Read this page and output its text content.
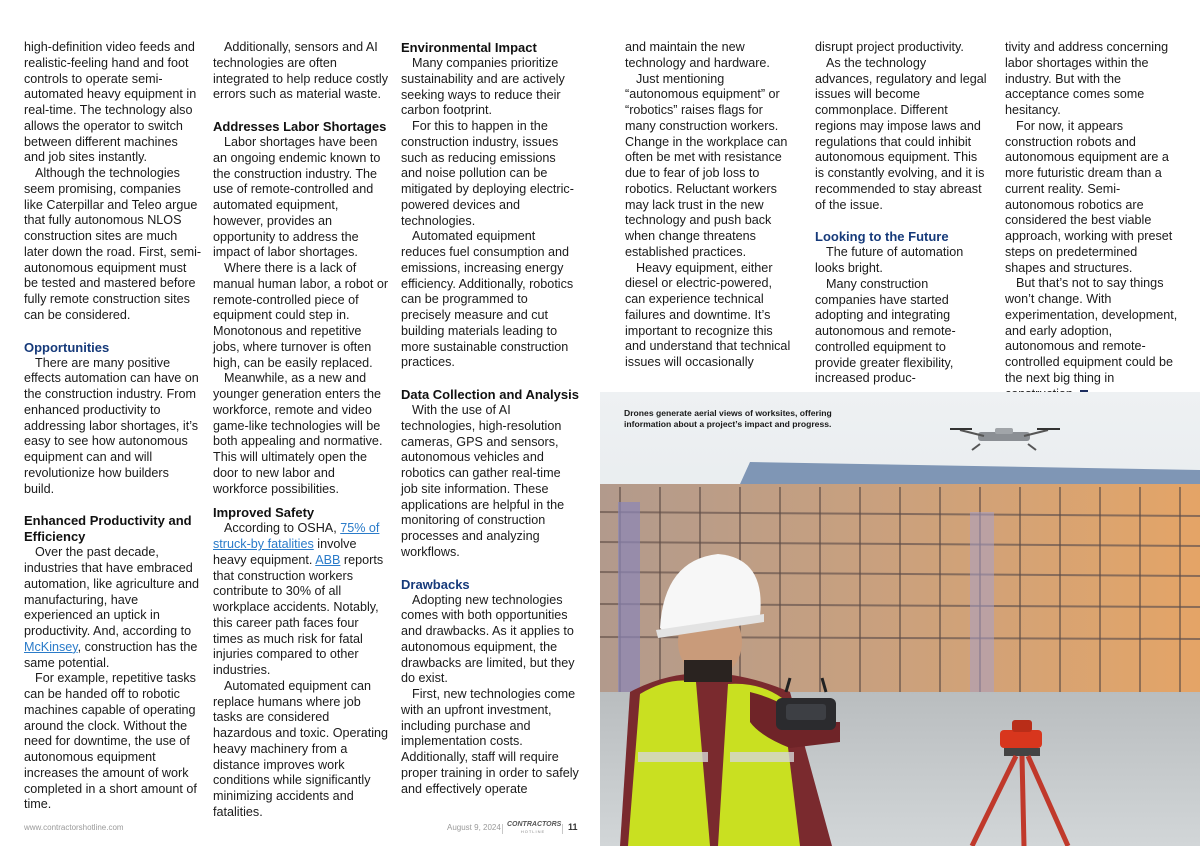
high-definition video feeds and realistic-feeling hand and foot controls to operate semi-automated heavy equipment in real-time. The technology also allows the operator to switch between different machines and job sites instantly.

Although the technologies seem promising, companies like Caterpillar and Teleo argue that fully autonomous NLOS construction sites are much later down the road. First, semi-autonomous equipment must be tested and mastered before fully remote construction sites can be considered.

Opportunities

There are many positive effects automation can have on the construction industry. From enhanced productivity to addressing labor shortages, it’s easy to see how autonomous equipment can and will revolutionize how builders build.

Enhanced Productivity and Efficiency

Over the past decade, industries that have embraced automation, like agriculture and manufacturing, have experienced an uptick in productivity. And, according to McKinsey, construction has the same potential.

For example, repetitive tasks can be handed off to robotic machines capable of operating around the clock. Without the need for downtime, the use of autonomous equipment increases the amount of work completed in a short amount of time.

Additionally, sensors and AI technologies are often integrated to help reduce costly errors such as material waste.

Addresses Labor Shortages

Labor shortages have been an ongoing endemic known to the construction industry. The use of remote-controlled and automated equipment, however, provides an opportunity to address the impact of labor shortages.

Where there is a lack of manual human labor, a robot or remote-controlled piece of equipment could step in. Monotonous and repetitive jobs, where turnover is often high, can be easily replaced.

Meanwhile, as a new and younger generation enters the workforce, remote and video game-like technologies will be both appealing and normative. This will ultimately open the door to new labor and workforce possibilities.

Improved Safety

According to OSHA, 75% of struck-by fatalities involve heavy equipment. ABB reports that construction workers contribute to 30% of all workplace accidents. Notably, this career path faces four times as much risk for fatal injuries compared to other industries.

Automated equipment can replace humans where job tasks are considered hazardous and toxic. Operating heavy machinery from a distance improves work conditions while significantly minimizing accidents and fatalities.

Environmental Impact

Many companies prioritize sustainability and are actively seeking ways to reduce their carbon footprint.

For this to happen in the construction industry, issues such as reducing emissions and noise pollution can be mitigated by deploying electric-powered devices and technologies.

Automated equipment reduces fuel consumption and emissions, increasing energy efficiency. Additionally, robotics can be programmed to precisely measure and cut building materials leading to more sustainable construction practices.

Data Collection and Analysis

With the use of AI technologies, high-resolution cameras, GPS and sensors, autonomous vehicles and robotics can gather real-time job site information. These applications are helpful in the monitoring of construction processes and analyzing workflows.

Drawbacks

Adopting new technologies comes with both opportunities and drawbacks. As it applies to autonomous equipment, the drawbacks are limited, but they do exist.

First, new technologies come with an upfront investment, including purchase and implementation costs. Additionally, staff will require proper training in order to safely and effectively operate

and maintain the new technology and hardware.

Just mentioning “autonomous equipment” or “robotics” raises flags for many construction workers. Change in the workplace can often be met with resistance due to fear of job loss to robotics. Reluctant workers may lack trust in the new technology and push back when change threatens established practices.

Heavy equipment, either diesel or electric-powered, can experience technical failures and downtime. It’s important to recognize this and understand that technical issues will occasionally

disrupt project productivity.

As the technology advances, regulatory and legal issues will become commonplace. Different regions may impose laws and regulations that could inhibit autonomous equipment. This is constantly evolving, and it is recommended to stay abreast of the issue.

Looking to the Future

The future of automation looks bright.

Many construction companies have started adopting and integrating autonomous and remote-controlled equipment to provide greater flexibility, increased produc-

tivity and address concerning labor shortages within the industry. But with the acceptance comes some hesitancy.

For now, it appears construction robots and autonomous equipment are a more futuristic dream than a current reality. Semi-autonomous robotics are considered the best viable approach, working with preset steps on predetermined shapes and structures.

But that’s not to say things won’t change. With experimentation, development, and early adoption, autonomous and remote-controlled equipment could be the next big thing in

Drones generate aerial views of worksites, offering information about a project’s impact and progress.
www.contractorshotline.com	August 9, 2024 CONTRACTORS
HOTLINE	11
